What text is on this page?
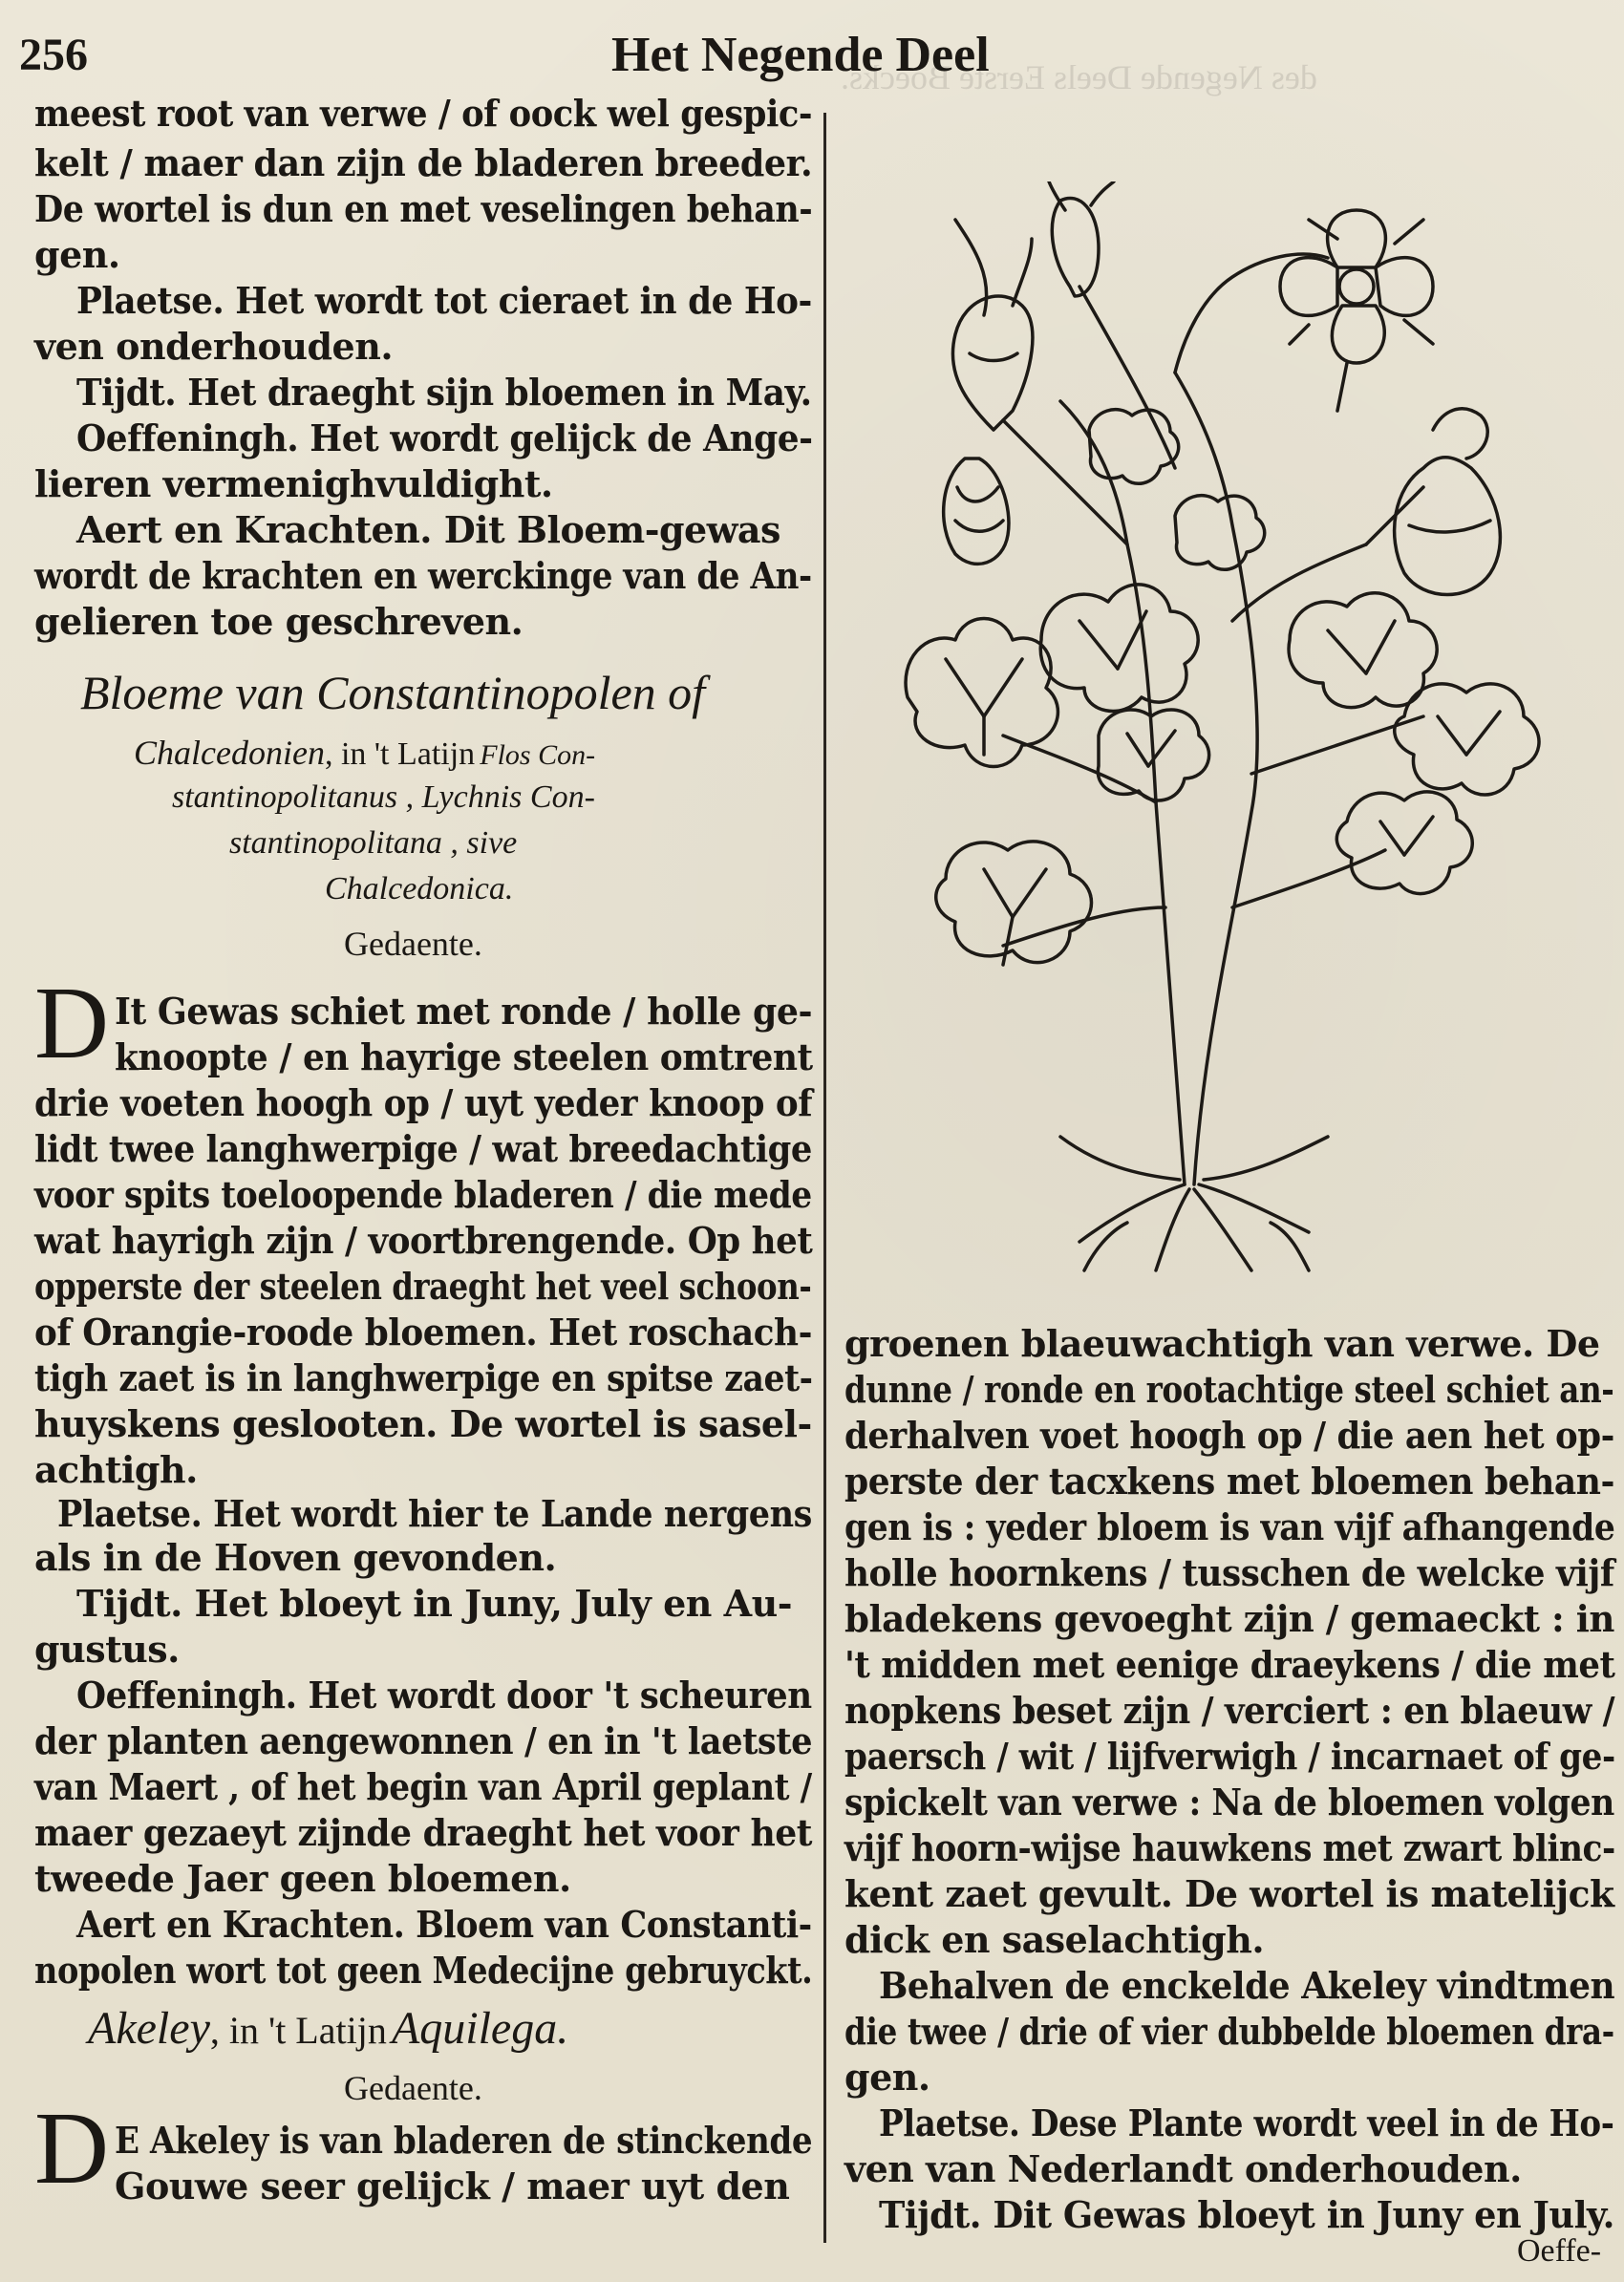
des Negende Deels Eerste Boecks.
256	Het Negende Deel
meest root van verwe / of oock wel gespic-
kelt / maer dan zijn de bladeren breeder.
De wortel is dun en met veselingen behan-
gen.
Plaetse. Het wordt tot cieraet in de Ho-
ven onderhouden.
Tijdt. Het draeght sijn bloemen in May.
Oeffeningh. Het wordt gelijck de Ange-
lieren vermenighvuldight.
Aert en Krachten. Dit Bloem-gewas
wordt de krachten en werckinge van de An-
gelieren toe geschreven.
Bloeme van Constantinopolen of
Chalcedonien, in 't Latijn Flos Con-
stantinopolitanus , Lychnis Con-
stantinopolitana , sive
Chalcedonica.
Gedaente.
D It Gewas schiet met ronde / holle ge-
knoopte / en hayrige steelen omtrent
drie voeten hoogh op / uyt yeder knoop of
lidt twee langhwerpige / wat breedachtige
voor spits toeloopende bladeren / die mede
wat hayrigh zijn / voortbrengende. Op het
opperste der steelen draeght het veel schoon-
of Orangie-roode bloemen. Het roschach-
tigh zaet is in langhwerpige en spitse zaet-
huyskens geslooten. De wortel is sasel-
achtigh.
Plaetse. Het wordt hier te Lande nergens
als in de Hoven gevonden.
Tijdt. Het bloeyt in Juny, July en Au-
gustus.
Oeffeningh. Het wordt door 't scheuren
der planten aengewonnen / en in 't laetste
van Maert , of het begin van April geplant /
maer gezaeyt zijnde draeght het voor het
tweede Jaer geen bloemen.
Aert en Krachten. Bloem van Constanti-
nopolen wort tot geen Medecijne gebruyckt.
Akeley, in 't Latijn Aquilega.
Gedaente.
D E Akeley is van bladeren de stinckende
Gouwe seer gelijck / maer uyt den
groenen blaeuwachtigh van verwe. De
dunne / ronde en rootachtige steel schiet an-
derhalven voet hoogh op / die aen het op-
perste der tacxkens met bloemen behan-
gen is : yeder bloem is van vijf afhangende
holle hoornkens / tusschen de welcke vijf
bladekens gevoeght zijn / gemaeckt : in
't midden met eenige draeykens / die met
nopkens beset zijn / verciert : en blaeuw /
paersch / wit / lijfverwigh / incarnaet of ge-
spickelt van verwe : Na de bloemen volgen
vijf hoorn-wijse hauwkens met zwart blinc-
kent zaet gevult. De wortel is matelijck
dick en saselachtigh.
Behalven de enckelde Akeley vindtmen
die twee / drie of vier dubbelde bloemen dra-
gen.
Plaetse. Dese Plante wordt veel in de Ho-
ven van Nederlandt onderhouden.
Tijdt. Dit Gewas bloeyt in Juny en July.
Oeffe-
